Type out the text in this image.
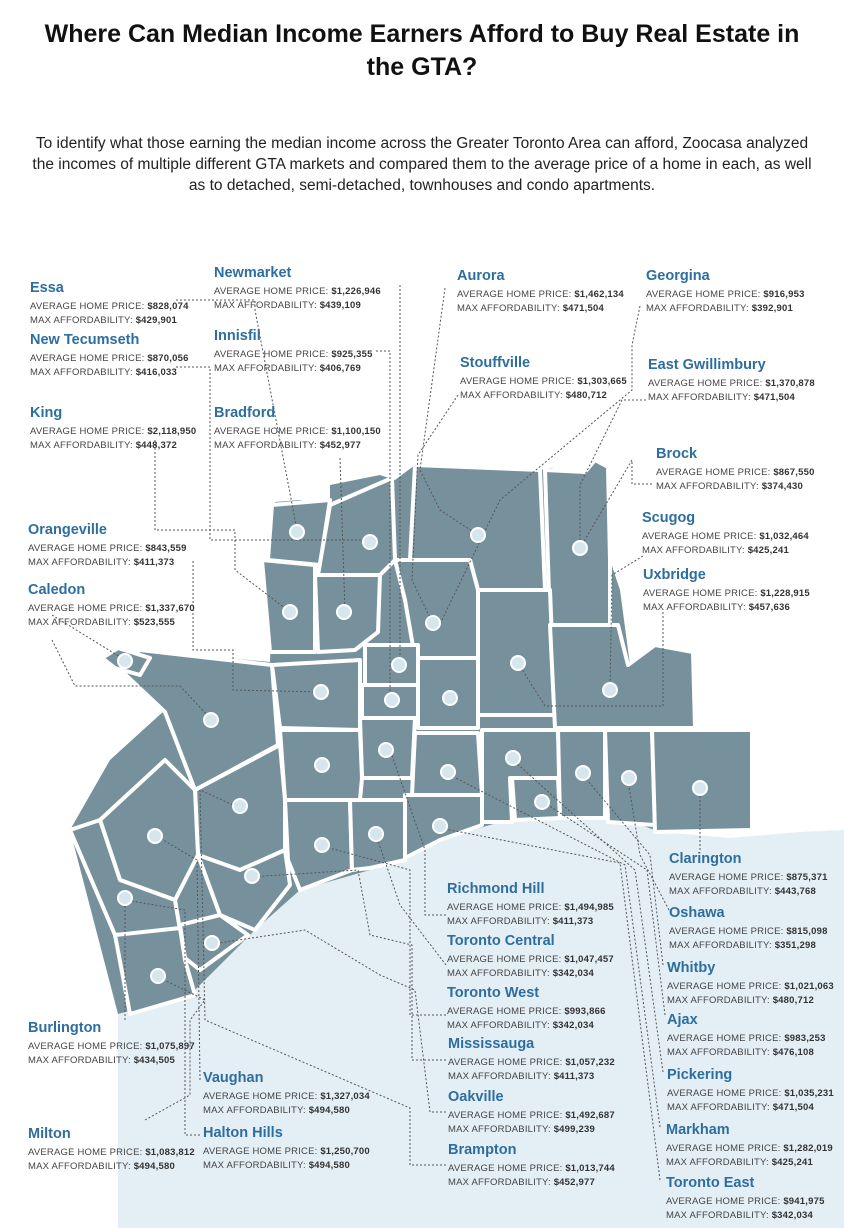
Where Can Median Income Earners Afford to Buy Real Estate in the GTA?
To identify what those earning the median income across the Greater Toronto Area can afford, Zoocasa analyzed the incomes of multiple different GTA markets and compared them to the average price of a home in each, as well as to detached, semi-detached, townhouses and condo apartments.
Essa
AVERAGE HOME PRICE: $828,074
MAX AFFORDABILITY: $429,901
New Tecumseth
AVERAGE HOME PRICE: $870,056
MAX AFFORDABILITY: $416,033
King
AVERAGE HOME PRICE: $2,118,950
MAX AFFORDABILITY: $448,372
Orangeville
AVERAGE HOME PRICE: $843,559
MAX AFFORDABILITY: $411,373
Caledon
AVERAGE HOME PRICE: $1,337,670
MAX AFFORDABILITY: $523,555
Newmarket
AVERAGE HOME PRICE: $1,226,946
MAX AFFORDABILITY: $439,109
Innisfil
AVERAGE HOME PRICE: $925,355
MAX AFFORDABILITY: $406,769
Bradford
AVERAGE HOME PRICE: $1,100,150
MAX AFFORDABILITY: $452,977
Aurora
AVERAGE HOME PRICE: $1,462,134
MAX AFFORDABILITY: $471,504
Stouffville
AVERAGE HOME PRICE: $1,303,665
MAX AFFORDABILITY: $480,712
Georgina
AVERAGE HOME PRICE: $916,953
MAX AFFORDABILITY: $392,901
East Gwillimbury
AVERAGE HOME PRICE: $1,370,878
MAX AFFORDABILITY: $471,504
Brock
AVERAGE HOME PRICE: $867,550
MAX AFFORDABILITY: $374,430
Scugog
AVERAGE HOME PRICE: $1,032,464
MAX AFFORDABILITY: $425,241
Uxbridge
AVERAGE HOME PRICE: $1,228,915
MAX AFFORDABILITY: $457,636
Clarington
AVERAGE HOME PRICE: $875,371
MAX AFFORDABILITY: $443,768
Oshawa
AVERAGE HOME PRICE: $815,098
MAX AFFORDABILITY: $351,298
Whitby
AVERAGE HOME PRICE: $1,021,063
MAX AFFORDABILITY: $480,712
Ajax
AVERAGE HOME PRICE: $983,253
MAX AFFORDABILITY: $476,108
Pickering
AVERAGE HOME PRICE: $1,035,231
MAX AFFORDABILITY: $471,504
Markham
AVERAGE HOME PRICE: $1,282,019
MAX AFFORDABILITY: $425,241
Toronto East
AVERAGE HOME PRICE: $941,975
MAX AFFORDABILITY: $342,034
Richmond Hill
AVERAGE HOME PRICE: $1,494,985
MAX AFFORDABILITY: $411,373
Toronto Central
AVERAGE HOME PRICE: $1,047,457
MAX AFFORDABILITY: $342,034
Toronto West
AVERAGE HOME PRICE: $993,866
MAX AFFORDABILITY: $342,034
Mississauga
AVERAGE HOME PRICE: $1,057,232
MAX AFFORDABILITY: $411,373
Oakville
AVERAGE HOME PRICE: $1,492,687
MAX AFFORDABILITY: $499,239
Brampton
AVERAGE HOME PRICE: $1,013,744
MAX AFFORDABILITY: $452,977
Burlington
AVERAGE HOME PRICE: $1,075,897
MAX AFFORDABILITY: $434,505
Milton
AVERAGE HOME PRICE: $1,083,812
MAX AFFORDABILITY: $494,580
Vaughan
AVERAGE HOME PRICE: $1,327,034
MAX AFFORDABILITY: $494,580
Halton Hills
AVERAGE HOME PRICE: $1,250,700
MAX AFFORDABILITY: $494,580
